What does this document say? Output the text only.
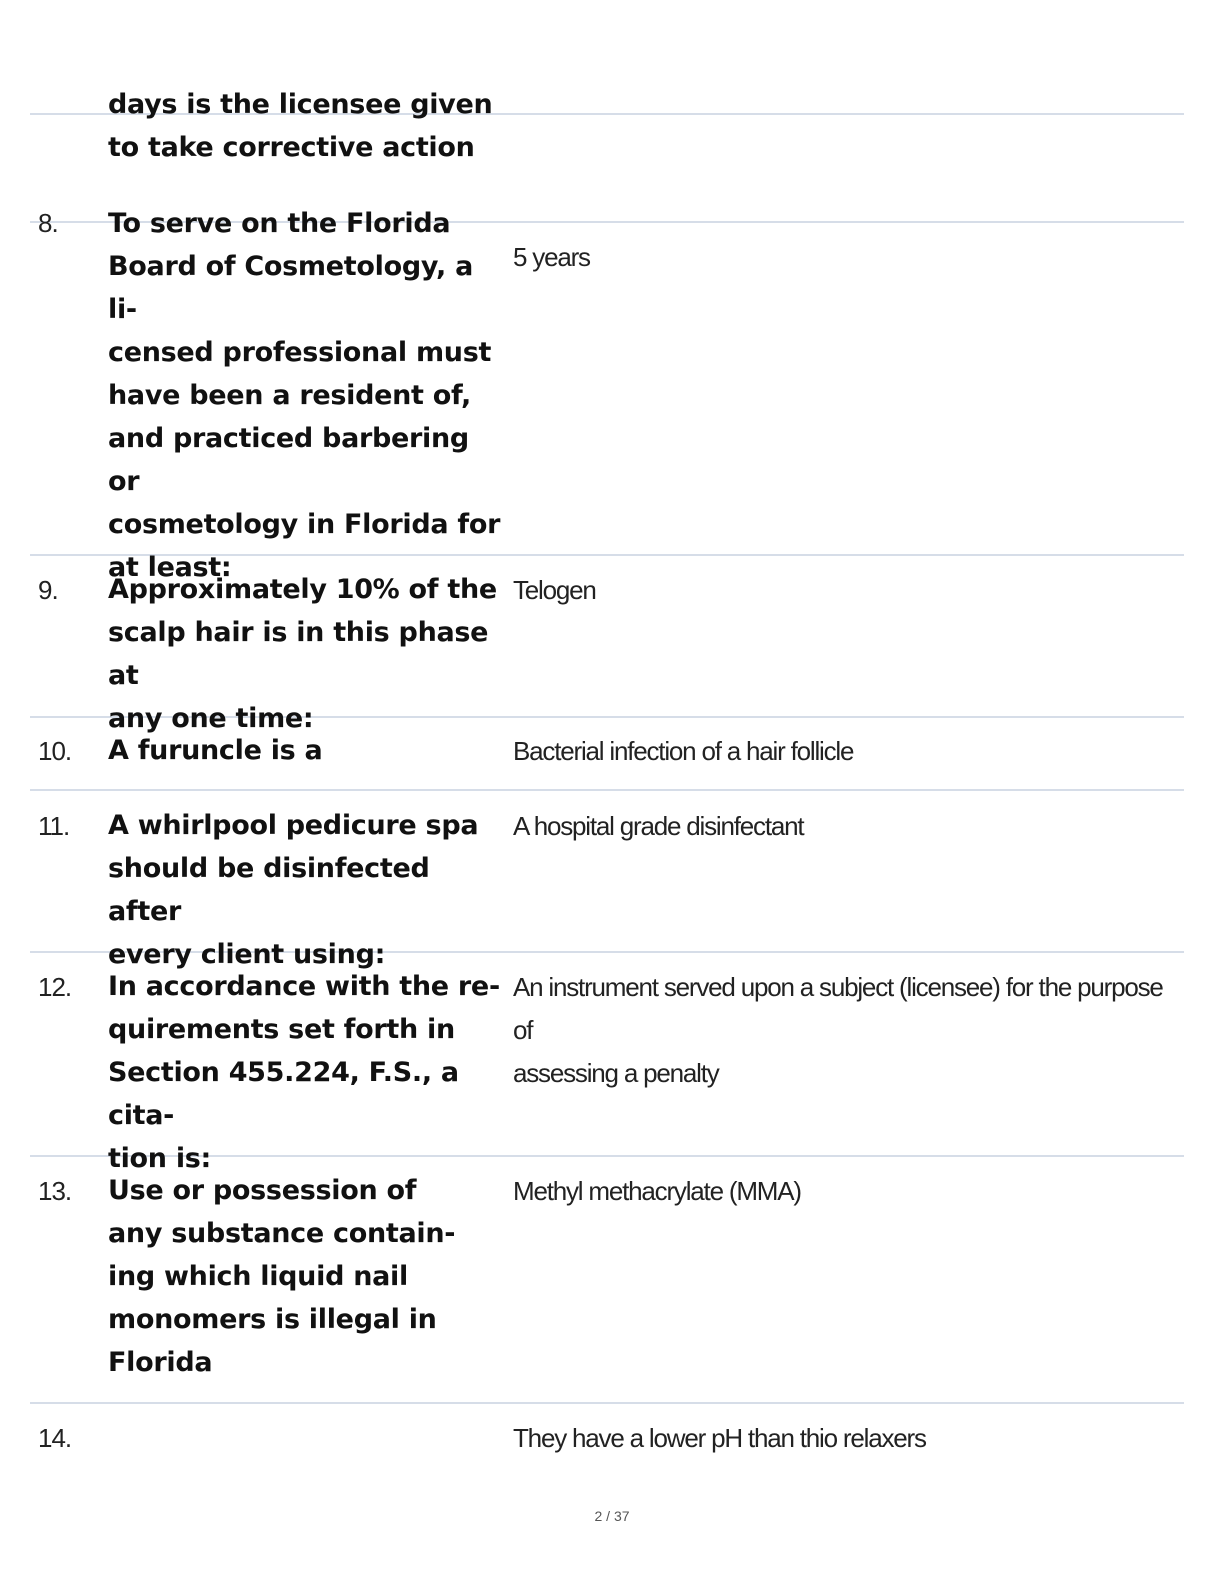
days is the licensee given
to take corrective action
8. To serve on the Florida
Board of Cosmetology, a li-
censed professional must
have been a resident of,
and practiced barbering or
cosmetology in Florida for
at least:
5 years
9. Approximately 10% of the
scalp hair is in this phase at
any one time:
Telogen
10. A furuncle is a	Bacterial infection of a hair follicle
11. A whirlpool pedicure spa
should be disinfected after
every client using:
A hospital grade disinfectant
12. In accordance with the re-
quirements set forth in
Section 455.224, F.S., a cita-
tion is:
An instrument served upon a subject (licensee) for the purpose of
assessing a penalty
13. Use or possession of
any substance contain-
ing which liquid nail
monomers is illegal in
Florida
Methyl methacrylate (MMA)
14.	They have a lower pH than thio relaxers
2 / 37
